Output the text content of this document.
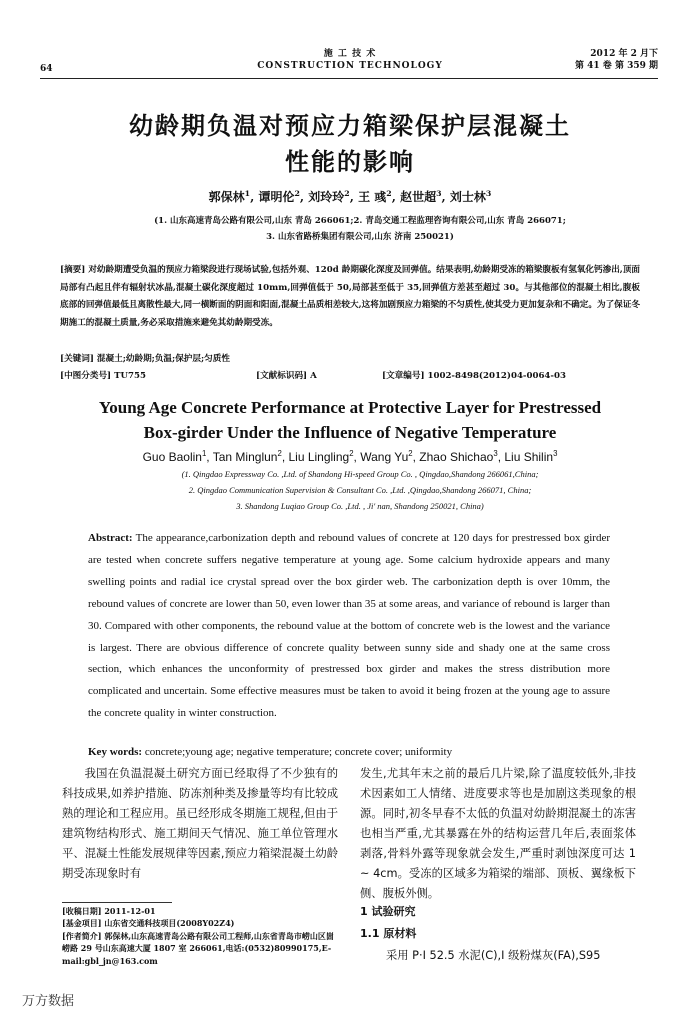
64
施 工 技 术
CONSTRUCTION TECHNOLOGY
2012 年 2 月下
第 41 卷 第 359 期
幼龄期负温对预应力箱梁保护层混凝土
性能的影响
郭保林$^1$, 谭明伦$^2$, 刘玲玲$^2$, 王 彧$^2$, 赵世超$^3$, 刘士林$^3$
(1. 山东高速青岛公路有限公司,山东 青岛 266061;2. 青岛交通工程监理咨询有限公司,山东 青岛 266071;
3. 山东省路桥集团有限公司,山东 济南 250021)
[摘要] 对幼龄期遭受负温的预应力箱梁段进行现场试验,包括外观、120d 龄期碳化深度及回弹值。结果表明,幼龄期受冻的箱梁腹板有氢氧化钙渗出,顶面局部有凸起且伴有辐射状冰晶,混凝土碳化深度超过 10mm,回弹值低于 50,局部甚至低于 35,回弹值方差甚至超过 30。与其他部位的混凝土相比,腹板底部的回弹值最低且离散性最大,同一横断面的阴面和阳面,混凝土品质相差较大,这将加剧预应力箱梁的不匀质性,使其受力更加复杂和不确定。为了保证冬期施工的混凝土质量,务必采取措施来避免其幼龄期受冻。
[关键词] 混凝土;幼龄期;负温;保护层;匀质性
[中图分类号] TU755	[文献标识码] A	[文章编号] 1002-8498(2012)04-0064-03
Young Age Concrete Performance at Protective Layer for Prestressed
Box-girder Under the Influence of Negative Temperature
Guo Baolin$^1$, Tan Minglun$^2$, Liu Lingling$^2$, Wang Yu$^2$, Zhao Shichao$^3$, Liu Shilin$^3$
(1. Qingdao Expressway Co. ,Ltd. of Shandong Hi-speed Group Co. , Qingdao,Shandong 266061,China;
2. Qingdao Communication Supervision & Consultant Co. ,Ltd. ,Qingdao,Shandong 266071, China;
3. Shandong Luqiao Group Co. ,Ltd. , Ji' nan, Shandong 250021, China)
Abstract: The appearance,carbonization depth and rebound values of concrete at 120 days for prestressed box girder are tested when concrete suffers negative temperature at young age. Some calcium hydroxide appears and many swelling points and radial ice crystal spread over the box girder web. The carbonization depth is over 10mm, the rebound values of concrete are lower than 50, even lower than 35 at some areas, and variance of rebound is larger than 30. Compared with other components, the rebound value at the bottom of concrete web is the lowest and the variance is largest. There are obvious difference of concrete quality between sunny side and shady one at the same cross section, which enhances the unconformity of prestressed box girder and makes the stress distribution more complicated and uncertain. Some effective measures must be taken to avoid it being frozen at the young age to assure the concrete quality in winter construction.
Key words: concrete;young age; negative temperature; concrete cover; uniformity
我国在负温混凝土研究方面已经取得了不少独有的科技成果,如养护措施、防冻剂种类及掺量等均有比较成熟的理论和工程应用。虽已经形成冬期施工规程,但由于建筑物结构形式、施工期间天气情况、施工单位管理水平、混凝土性能发展规律等因素,预应力箱梁混凝土幼龄期受冻现象时有
发生,尤其年末之前的最后几片梁,除了温度较低外,非技术因素如工人情绪、进度要求等也是加剧这类现象的根源。同时,初冬早春不太低的负温对幼龄期混凝土的冻害也相当严重,尤其暴露在外的结构运营几年后,表面浆体剥落,骨料外露等现象就会发生,严重时剥蚀深度可达 1 ~ 4cm。受冻的区域多为箱梁的端部、顶板、翼缘板下侧、腹板外侧。
[收稿日期] 2011-12-01
[基金项目] 山东省交通科技项目(2008Y02Z4)
[作者简介] 郭保林,山东高速青岛公路有限公司工程师,山东省青岛市崂山区崮崂路 29 号山东高速大厦 1807 室 266061,电话:(0532)80990175,E-mail:gbl_jn@163.com
1 试验研究
1.1 原材料
采用 P·I 52.5 水泥(C),I 级粉煤灰(FA),S95
万方数据
